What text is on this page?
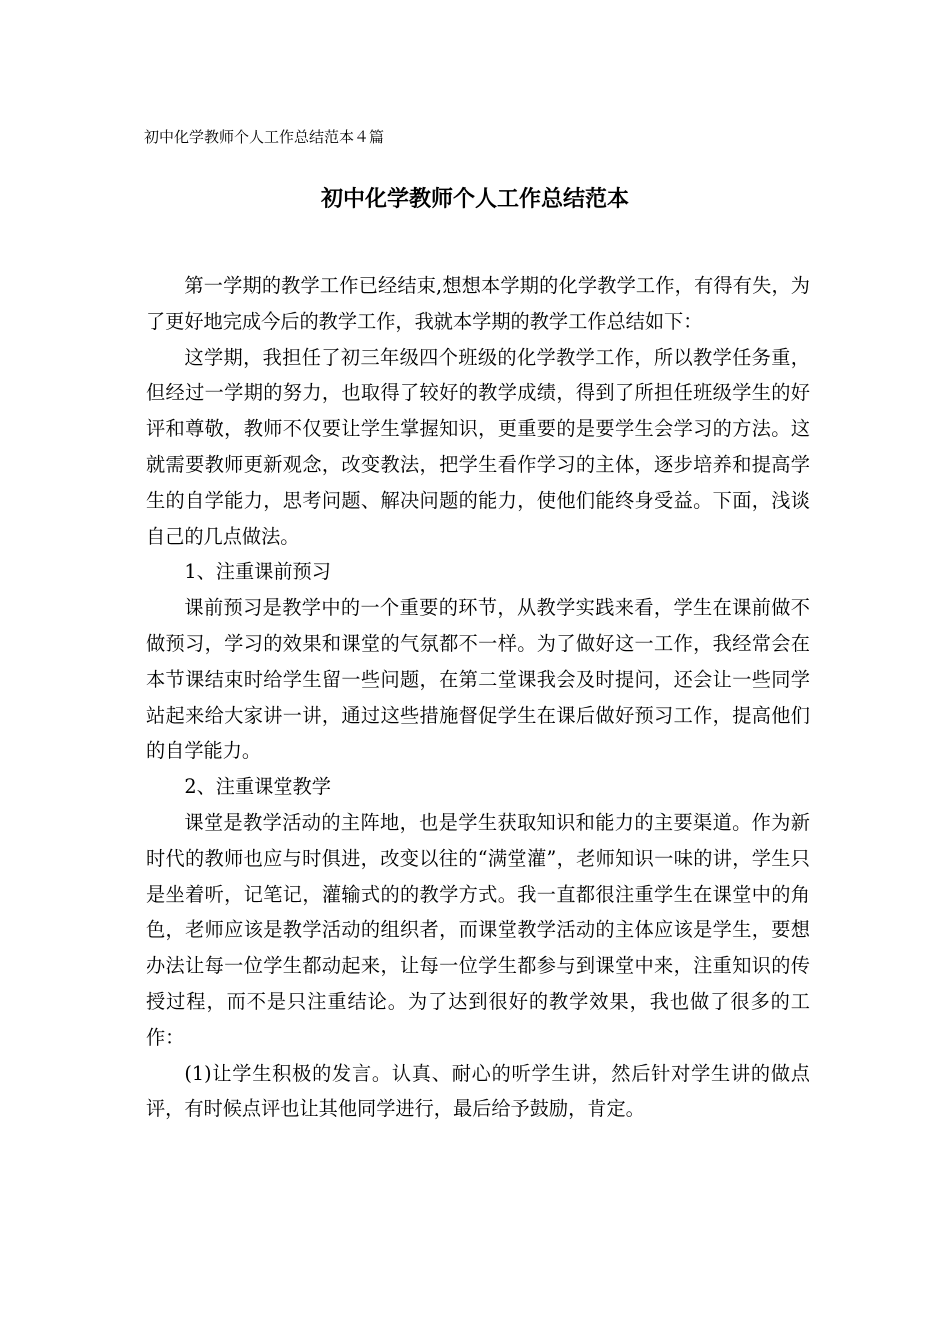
初中化学教师个人工作总结范本４篇
初中化学教师个人工作总结范本

第一学期的教学工作已经结束,想想本学期的化学教学工作，有得有失，为了更好地完成今后的教学工作，我就本学期的教学工作总结如下：

这学期，我担任了初三年级四个班级的化学教学工作，所以教学任务重，但经过一学期的努力，也取得了较好的教学成绩，得到了所担任班级学生的好评和尊敬，教师不仅要让学生掌握知识，更重要的是要学生会学习的方法。这就需要教师更新观念，改变教法，把学生看作学习的主体，逐步培养和提高学生的自学能力，思考问题、解决问题的能力，使他们能终身受益。下面，浅谈自己的几点做法。

1、注重课前预习

课前预习是教学中的一个重要的环节，从教学实践来看，学生在课前做不做预习，学习的效果和课堂的气氛都不一样。为了做好这一工作，我经常会在本节课结束时给学生留一些问题，在第二堂课我会及时提问，还会让一些同学站起来给大家讲一讲，通过这些措施督促学生在课后做好预习工作，提高他们的自学能力。

2、注重课堂教学

课堂是教学活动的主阵地，也是学生获取知识和能力的主要渠道。作为新时代的教师也应与时俱进，改变以往的“满堂灌”，老师知识一味的讲，学生只是坐着听，记笔记，灌输式的的教学方式。我一直都很注重学生在课堂中的角色，老师应该是教学活动的组织者，而课堂教学活动的主体应该是学生，要想办法让每一位学生都动起来，让每一位学生都参与到课堂中来，注重知识的传授过程，而不是只注重结论。为了达到很好的教学效果，我也做了很多的工作：

(1)让学生积极的发言。认真、耐心的听学生讲，然后针对学生讲的做点评，有时候点评也让其他同学进行，最后给予鼓励，肯定。
